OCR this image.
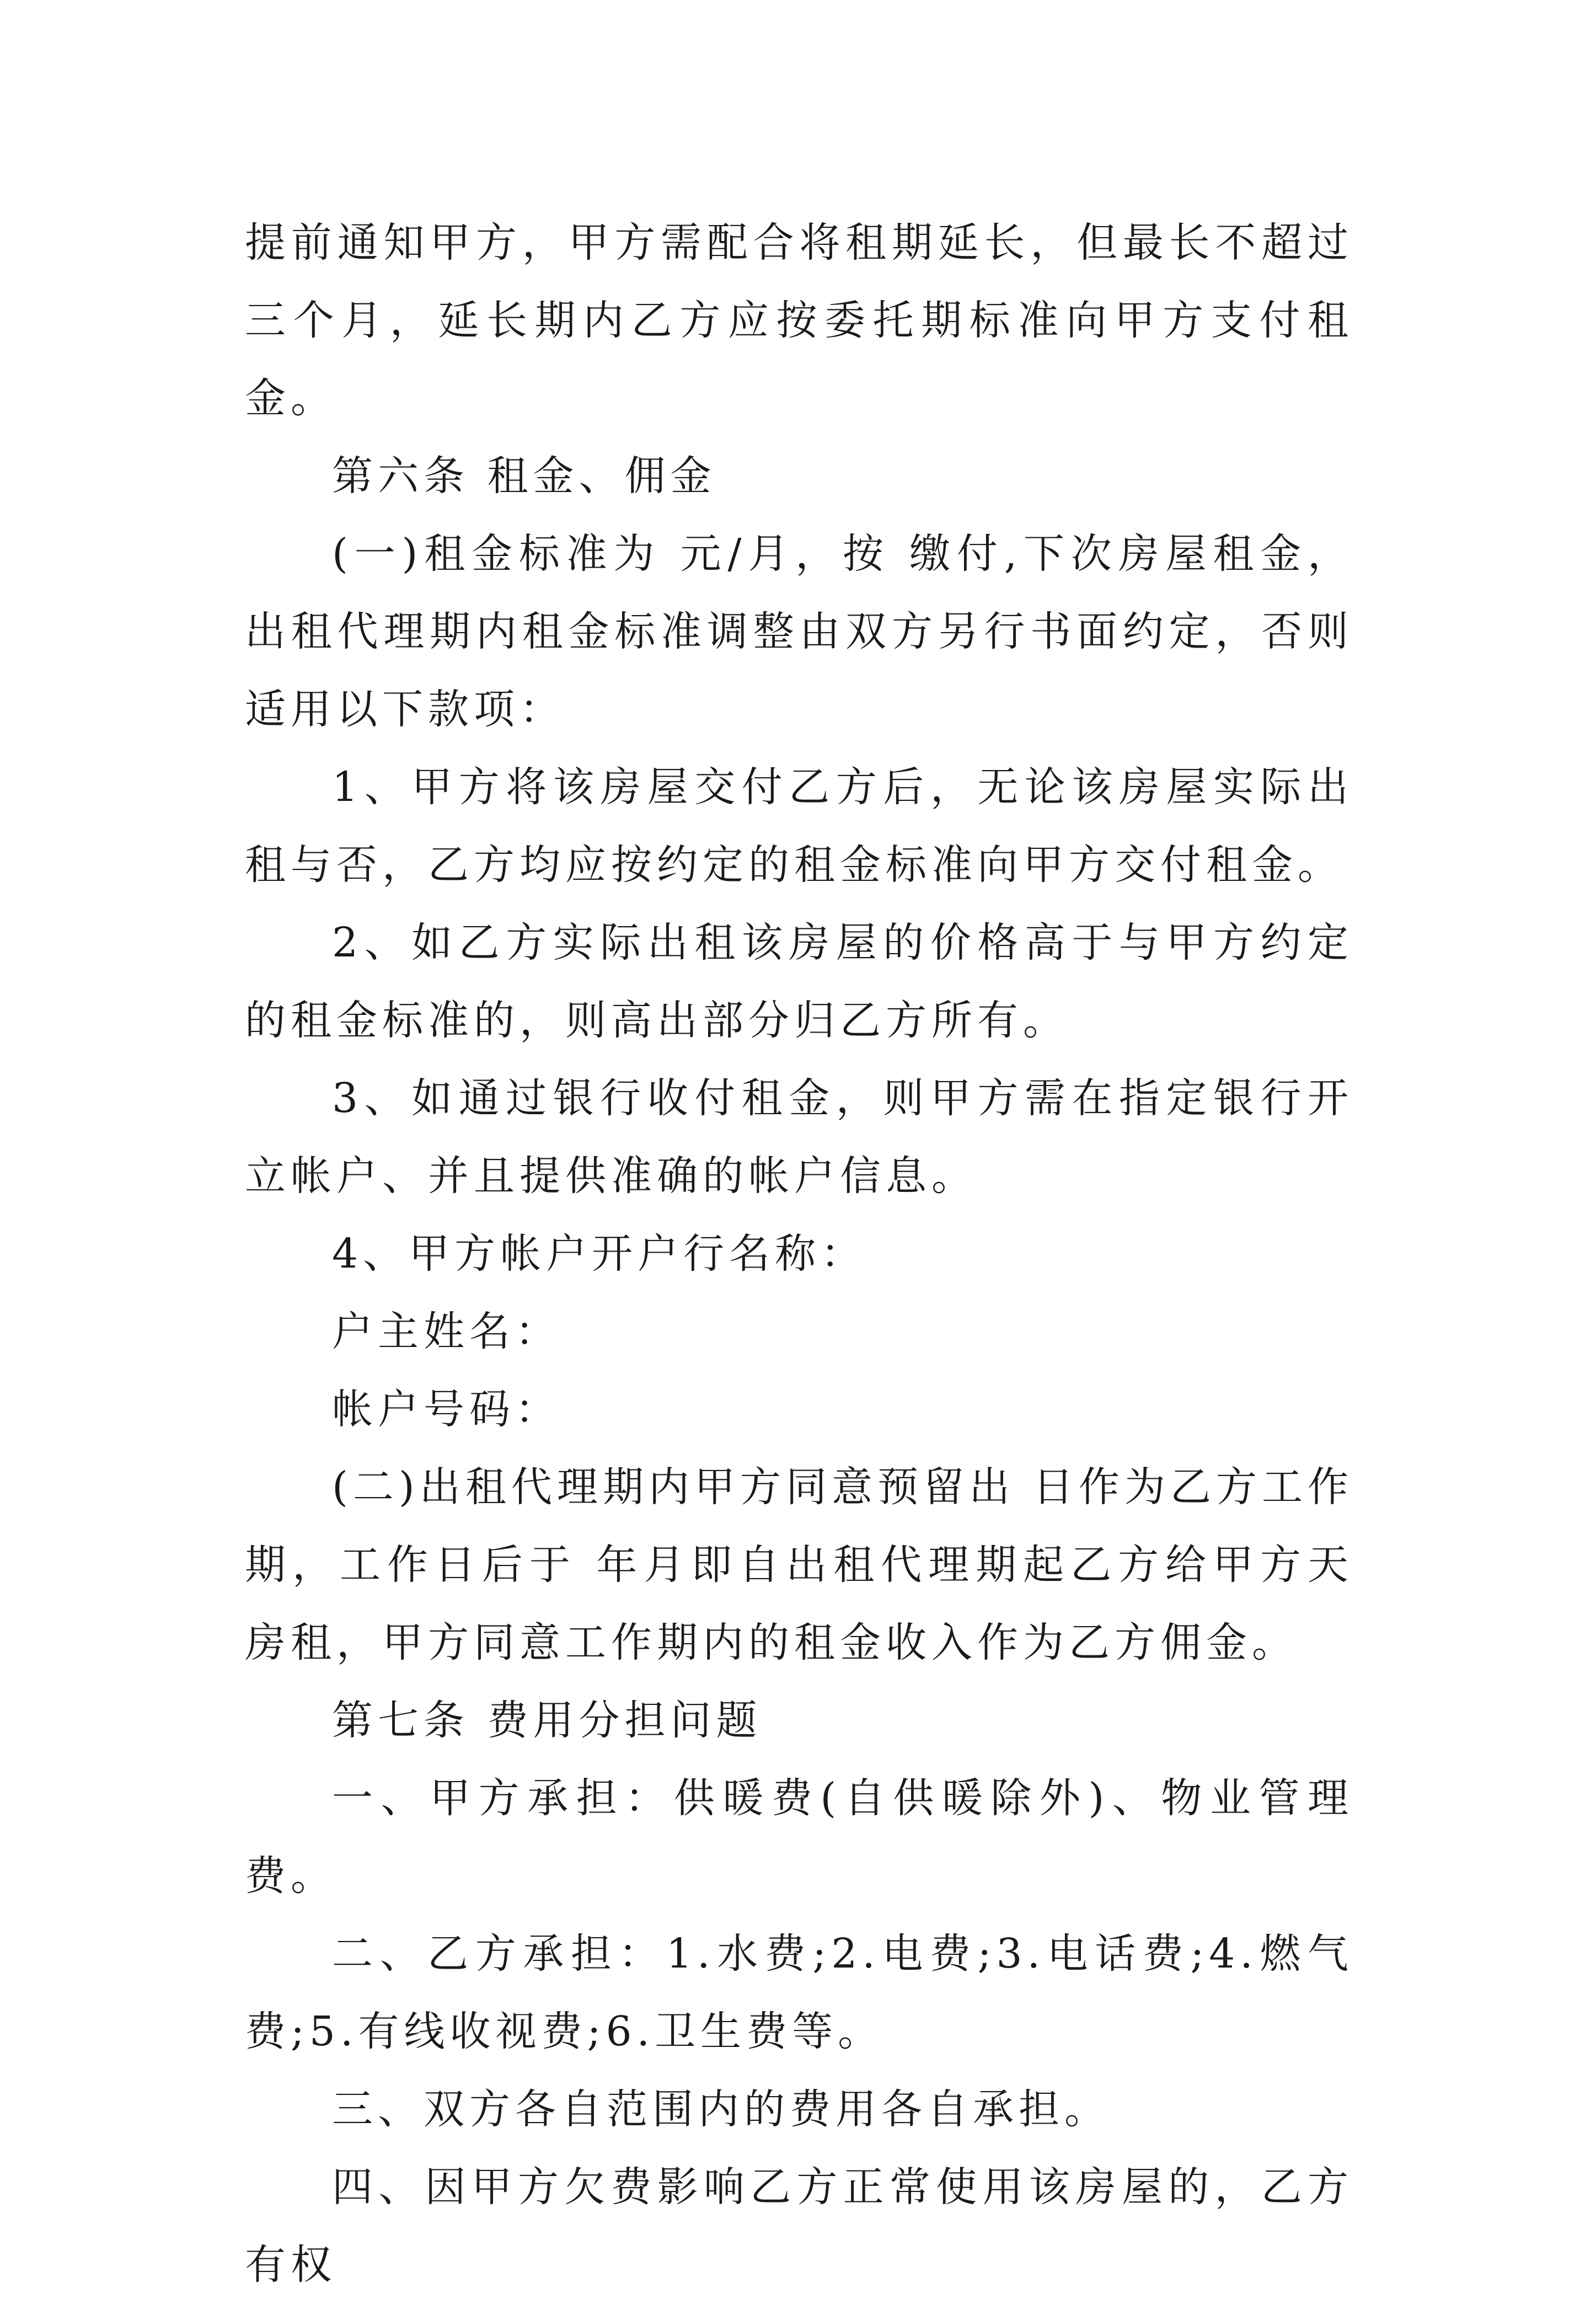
提前通知甲方，甲方需配合将租期延长，但最长不超过三个月，延长期内乙方应按委托期标准向甲方支付租金。

第六条 租金、佣金

(一)租金标准为 元/月，按 缴付,下次房屋租金，出租代理期内租金标准调整由双方另行书面约定，否则适用以下款项：

1、甲方将该房屋交付乙方后，无论该房屋实际出租与否，乙方均应按约定的租金标准向甲方交付租金。

2、如乙方实际出租该房屋的价格高于与甲方约定的租金标准的，则高出部分归乙方所有。

3、如通过银行收付租金，则甲方需在指定银行开立帐户、并且提供准确的帐户信息。

4、甲方帐户开户行名称：

户主姓名：

帐户号码：

(二)出租代理期内甲方同意预留出 日作为乙方工作期，工作日后于 年月即自出租代理期起乙方给甲方天房租，甲方同意工作期内的租金收入作为乙方佣金。

第七条 费用分担问题

一、甲方承担：供暖费(自供暖除外)、物业管理费。

二、乙方承担：1.水费;2.电费;3.电话费;4.燃气费;5.有线收视费;6.卫生费等。

三、双方各自范围内的费用各自承担。

四、因甲方欠费影响乙方正常使用该房屋的，乙方有权
